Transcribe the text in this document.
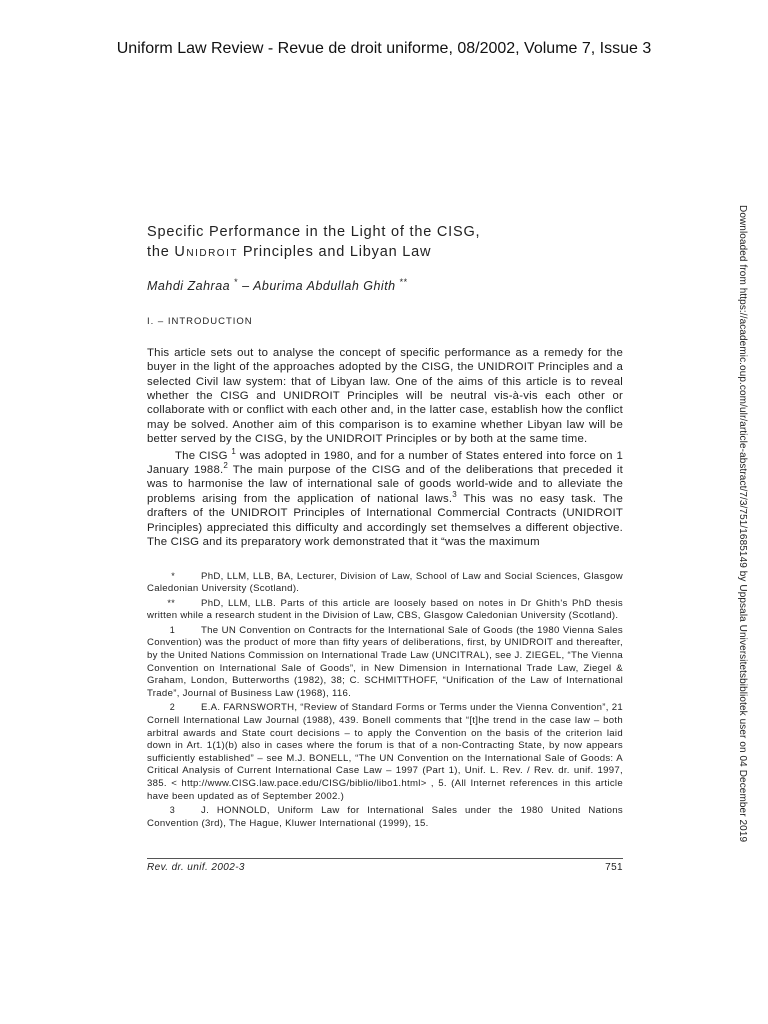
Uniform Law Review - Revue de droit uniforme, 08/2002, Volume 7, Issue 3
Specific Performance in the Light of the CISG,
the Unidroit Principles and Libyan Law
Mahdi Zahraa * – Aburima Abdullah Ghith **
I. – INTRODUCTION

This article sets out to analyse the concept of specific performance as a remedy for the buyer in the light of the approaches adopted by the CISG, the UNIDROIT Principles and a selected Civil law system: that of Libyan law. One of the aims of this article is to reveal whether the CISG and UNIDROIT Principles will be neutral vis-à-vis each other or collaborate with or conflict with each other and, in the latter case, establish how the conflict may be solved. Another aim of this comparison is to examine whether Libyan law will be better served by the CISG, by the UNIDROIT Principles or by both at the same time.

The CISG $^1$ was adopted in 1980, and for a number of States entered into force on 1 January 1988.$^2$ The main purpose of the CISG and of the deliberations that preceded it was to harmonise the law of international sale of goods world-wide and to alleviate the problems arising from the application of national laws.$^3$ This was no easy task. The drafters of the UNIDROIT Principles of International Commercial Contracts (UNIDROIT Principles) appreciated this difficulty and accordingly set themselves a different objective. The CISG and its preparatory work demonstrated that it “was the maximum

*	PhD, LLM, LLB, BA, Lecturer, Division of Law, School of Law and Social Sciences, Glasgow Caledonian University (Scotland).
**	PhD, LLM, LLB. Parts of this article are loosely based on notes in Dr Ghith's PhD thesis written while a research student in the Division of Law, CBS, Glasgow Caledonian University (Scotland).
1	The UN Convention on Contracts for the International Sale of Goods (the 1980 Vienna Sales Convention) was the product of more than fifty years of deliberations, first, by UNIDROIT and thereafter, by the United Nations Commission on International Trade Law (UNCITRAL), see J. ZIEGEL, “The Vienna Convention on International Sale of Goods”, in New Dimension in International Trade Law, Ziegel & Graham, London, Butterworths (1982), 38; C. SCHMITTHOFF, “Unification of the Law of International Trade”, Journal of Business Law (1968), 116.
2	E.A. FARNSWORTH, “Review of Standard Forms or Terms under the Vienna Convention”, 21 Cornell International Law Journal (1988), 439. Bonell comments that “[t]he trend in the case law – both arbitral awards and State court decisions – to apply the Convention on the basis of the criterion laid down in Art. 1(1)(b) also in cases where the forum is that of a non-Contracting State, by now appears sufficiently established” – see M.J. BONELL, “The UN Convention on the International Sale of Goods: A Critical Analysis of Current International Case Law – 1997 (Part 1), Unif. L. Rev. / Rev. dr. unif. 1997, 385. < http://www.CISG.law.pace.edu/CISG/biblio/libo1.html> , 5. (All Internet references in this article have been updated as of September 2002.)
3	J. HONNOLD, Uniform Law for International Sales under the 1980 United Nations Convention (3rd), The Hague, Kluwer International (1999), 15.
Rev. dr. unif. 2002-3	751
Downloaded from https://academic.oup.com/ulr/article-abstract/7/3/751/1685149 by Uppsala Universitetsbibliotek user on 04 December 2019
